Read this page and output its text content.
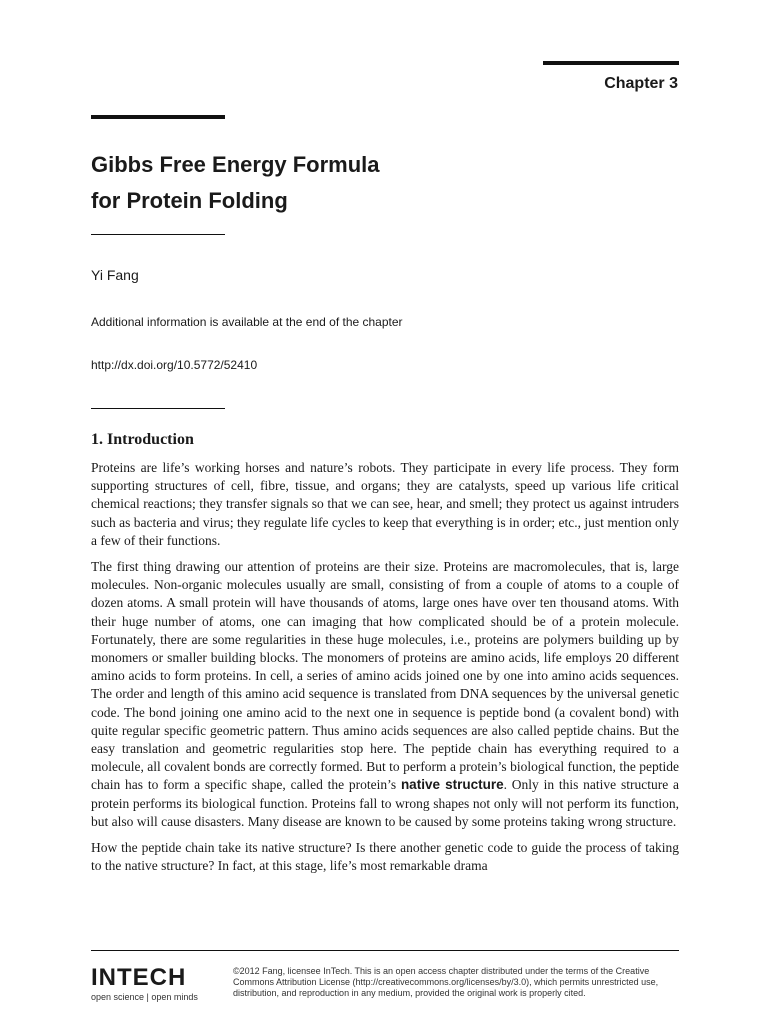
Chapter 3
Gibbs Free Energy Formula
for Protein Folding
Yi Fang
Additional information is available at the end of the chapter
http://dx.doi.org/10.5772/52410
1. Introduction

Proteins are life’s working horses and nature’s robots. They participate in every life process. They form supporting structures of cell, fibre, tissue, and organs; they are catalysts, speed up various life critical chemical reactions; they transfer signals so that we can see, hear, and smell; they protect us against intruders such as bacteria and virus; they regulate life cycles to keep that everything is in order; etc., just mention only a few of their functions.

The first thing drawing our attention of proteins are their size. Proteins are macromolecules, that is, large molecules. Non-organic molecules usually are small, consisting of from a couple of atoms to a couple of dozen atoms. A small protein will have thousands of atoms, large ones have over ten thousand atoms. With their huge number of atoms, one can imaging that how complicated should be of a protein molecule. Fortunately, there are some regularities in these huge molecules, i.e., proteins are polymers building up by monomers or smaller building blocks. The monomers of proteins are amino acids, life employs 20 different amino acids to form proteins. In cell, a series of amino acids joined one by one into amino acids sequences. The order and length of this amino acid sequence is translated from DNA sequences by the universal genetic code. The bond joining one amino acid to the next one in sequence is peptide bond (a covalent bond) with quite regular specific geometric pattern. Thus amino acids sequences are also called peptide chains. But the easy translation and geometric regularities stop here. The peptide chain has everything required to a molecule, all covalent bonds are correctly formed. But to perform a protein’s biological function, the peptide chain has to form a specific shape, called the protein’s native structure. Only in this native structure a protein performs its biological function. Proteins fall to wrong shapes not only will not perform its function, but also will cause disasters. Many disease are known to be caused by some proteins taking wrong structure.

How the peptide chain take its native structure? Is there another genetic code to guide the process of taking to the native structure? In fact, at this stage, life’s most remarkable drama

INTECH
open science | open minds
©2012 Fang, licensee InTech. This is an open access chapter distributed under the terms of the Creative Commons Attribution License (http://creativecommons.org/licenses/by/3.0), which permits unrestricted use, distribution, and reproduction in any medium, provided the original work is properly cited.
